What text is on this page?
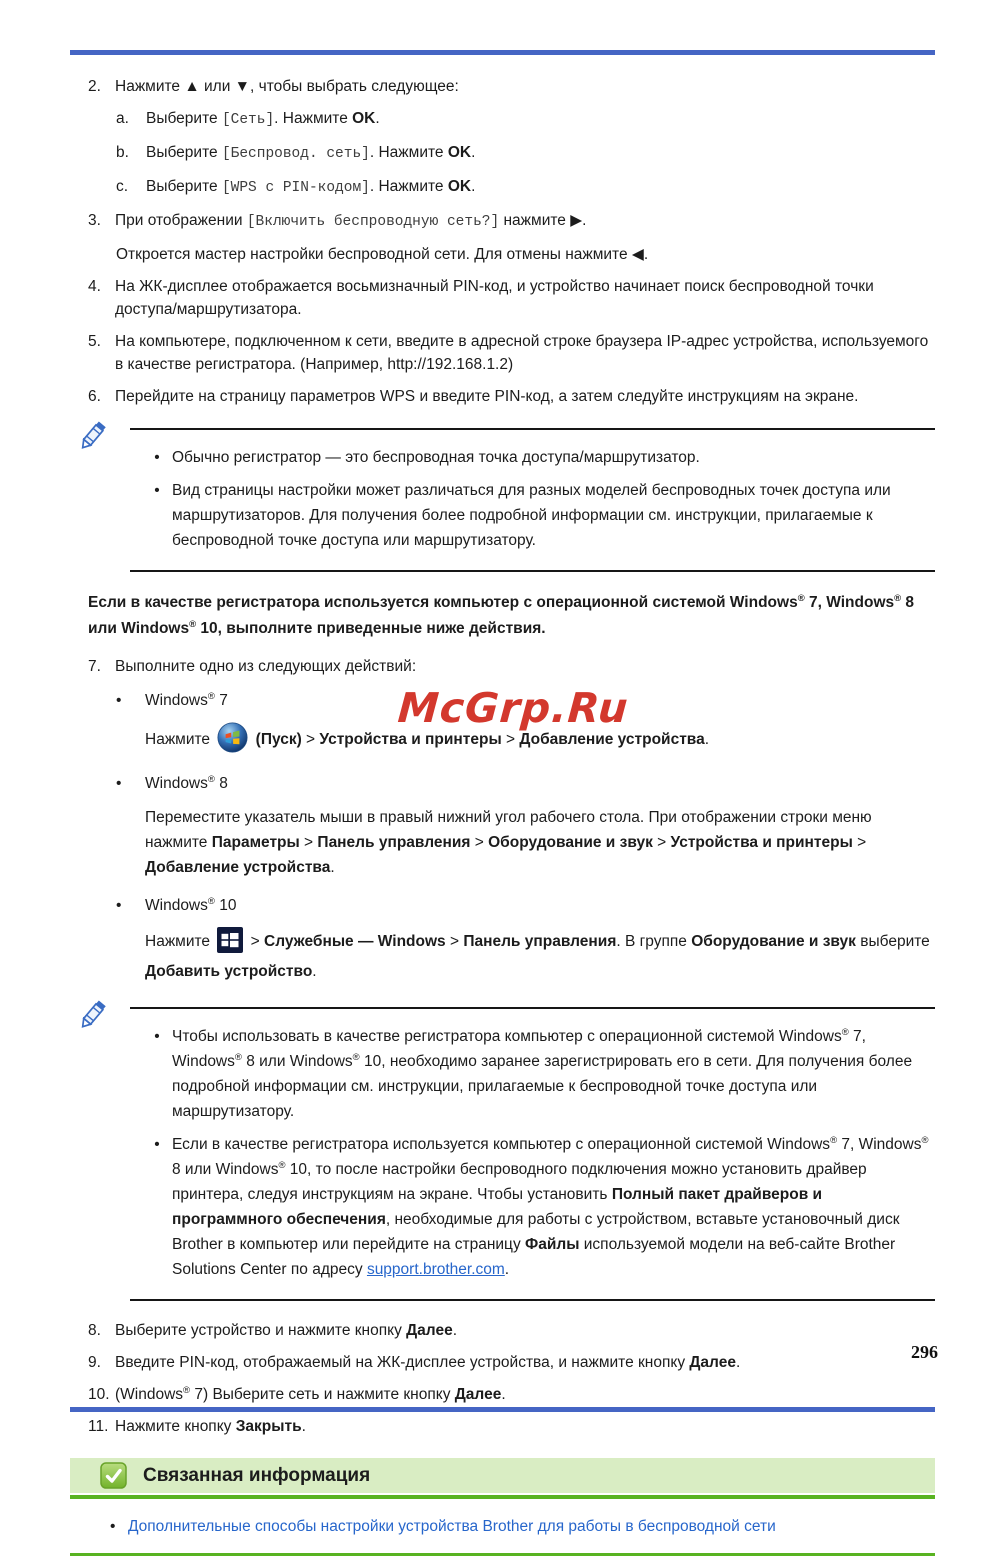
2. Нажмите ▲ или ▼, чтобы выбрать следующее:
a.	Выберите [Сеть]. Нажмите OK.
b.	Выберите [Беспровод. сеть]. Нажмите OK.
c.	Выберите [WPS с PIN-кодом]. Нажмите OK.
3. При отображении [Включить беспроводную сеть?] нажмите ▶.
Откроется мастер настройки беспроводной сети. Для отмены нажмите ◀.
4. На ЖК-дисплее отображается восьмизначный PIN-код, и устройство начинает поиск беспроводной точки доступа/маршрутизатора.
5. На компьютере, подключенном к сети, введите в адресной строке браузера IP-адрес устройства, используемого в качестве регистратора. (Например, http://192.168.1.2)
6. Перейдите на страницу параметров WPS и введите PIN-код, а затем следуйте инструкциям на экране.
• Обычно регистратор — это беспроводная точка доступа/маршрутизатор.
• Вид страницы настройки может различаться для разных моделей беспроводных точек доступа или маршрутизаторов. Для получения более подробной информации см. инструкции, прилагаемые к беспроводной точке доступа или маршрутизатору.
Если в качестве регистратора используется компьютер с операционной системой Windows® 7, Windows® 8 или Windows® 10, выполните приведенные ниже действия.
7. Выполните одно из следующих действий:
•	Windows® 7
Нажмите	(Пуск) > Устройства и принтеры > Добавление устройства.
•	Windows® 8
Переместите указатель мыши в правый нижний угол рабочего стола. При отображении строки меню нажмите Параметры > Панель управления > Оборудование и звук > Устройства и принтеры > Добавление устройства.
•	Windows® 10
Нажмите  > Служебные — Windows > Панель управления. В группе Оборудование и звук выберите Добавить устройство.
• Чтобы использовать в качестве регистратора компьютер с операционной системой Windows® 7, Windows® 8 или Windows® 10, необходимо заранее зарегистрировать его в сети. Для получения более подробной информации см. инструкции, прилагаемые к беспроводной точке доступа или маршрутизатору.
• Если в качестве регистратора используется компьютер с операционной системой Windows® 7, Windows® 8 или Windows® 10, то после настройки беспроводного подключения можно установить драйвер принтера, следуя инструкциям на экране. Чтобы установить Полный пакет драйверов и программного обеспечения, необходимые для работы с устройством, вставьте установочный диск Brother в компьютер или перейдите на страницу Файлы используемой модели на веб-сайте Brother Solutions Center по адресу support.brother.com.
8. Выберите устройство и нажмите кнопку Далее.
9. Введите PIN-код, отображаемый на ЖК-дисплее устройства, и нажмите кнопку Далее.
10. (Windows® 7) Выберите сеть и нажмите кнопку Далее.
11. Нажмите кнопку Закрыть.
Связанная информация
• Дополнительные способы настройки устройства Brother для работы в беспроводной сети
McGrp.Ru
296
